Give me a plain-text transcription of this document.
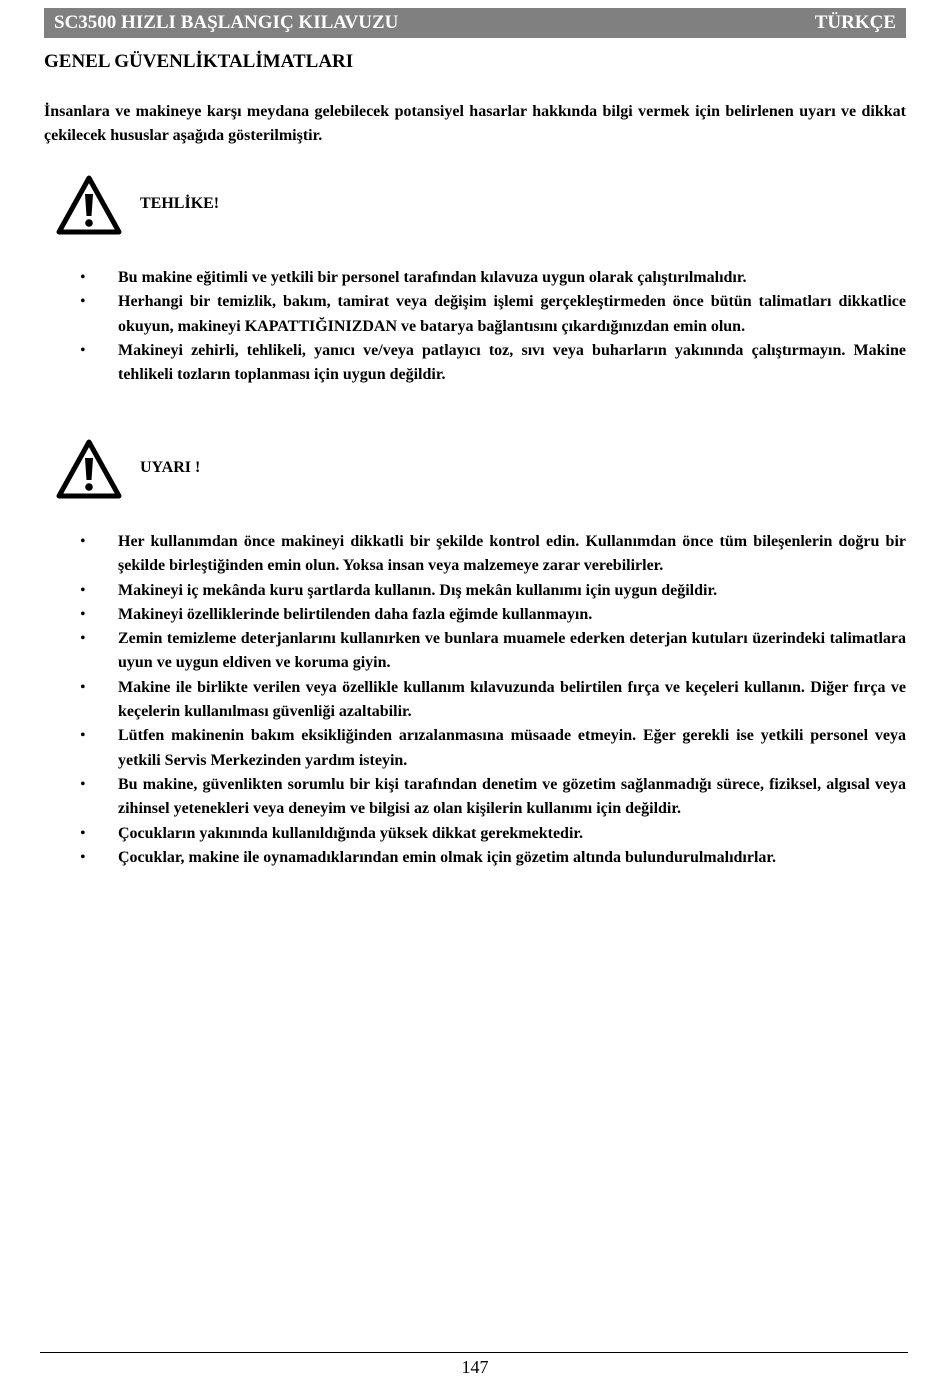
SC3500 HIZLI BAŞLANGIÇ KILAVUZU	TÜRKÇE
GENEL GÜVENLİKTALİMATLARI

İnsanlara ve makineye karşı meydana gelebilecek potansiyel hasarlar hakkında bilgi vermek için belirlenen uyarı ve dikkat çekilecek hususlar aşağıda gösterilmiştir.

TEHLİKE!
• Bu makine eğitimli ve yetkili bir personel tarafından kılavuza uygun olarak çalıştırılmalıdır.
• Herhangi bir temizlik, bakım, tamirat veya değişim işlemi gerçekleştirmeden önce bütün talimatları dikkatlice okuyun, makineyi KAPATTIĞINIZDAN ve batarya bağlantısını çıkardığınızdan emin olun.
• Makineyi zehirli, tehlikeli, yanıcı ve/veya patlayıcı toz, sıvı veya buharların yakınında çalıştırmayın. Makine tehlikeli tozların toplanması için uygun değildir.
UYARI !
• Her kullanımdan önce makineyi dikkatli bir şekilde kontrol edin. Kullanımdan önce tüm bileşenlerin doğru bir şekilde birleştiğinden emin olun. Yoksa insan veya malzemeye zarar verebilirler.
• Makineyi iç mekânda kuru şartlarda kullanın. Dış mekân kullanımı için uygun değildir.
• Makineyi özelliklerinde belirtilenden daha fazla eğimde kullanmayın.
• Zemin temizleme deterjanlarını kullanırken ve bunlara muamele ederken deterjan kutuları üzerindeki talimatlara uyun ve uygun eldiven ve koruma giyin.
• Makine ile birlikte verilen veya özellikle kullanım kılavuzunda belirtilen fırça ve keçeleri kullanın. Diğer fırça ve keçelerin kullanılması güvenliği azaltabilir.
• Lütfen makinenin bakım eksikliğinden arızalanmasına müsaade etmeyin. Eğer gerekli ise yetkili personel veya yetkili Servis Merkezinden yardım isteyin.
• Bu makine, güvenlikten sorumlu bir kişi tarafından denetim ve gözetim sağlanmadığı sürece, fiziksel, algısal veya zihinsel yetenekleri veya deneyim ve bilgisi az olan kişilerin kullanımı için değildir.
• Çocukların yakınında kullanıldığında yüksek dikkat gerekmektedir.
• Çocuklar, makine ile oynamadıklarından emin olmak için gözetim altında bulundurulmalıdırlar.
147
